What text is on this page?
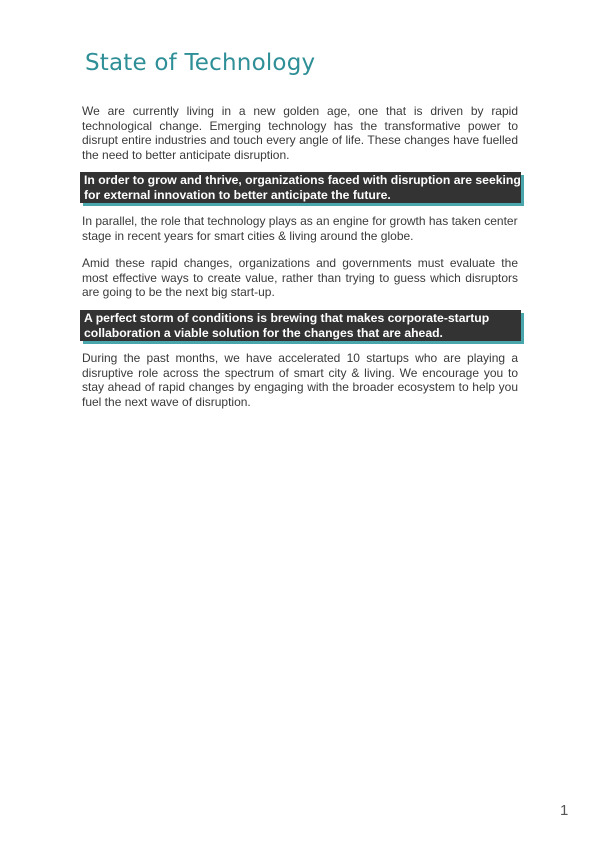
State of Technology

We are currently living in a new golden age, one that is driven by rapid technological change. Emerging technology has the transformative power to disrupt entire industries and touch every angle of life. These changes have fuelled the need to better anticipate disruption.

In order to grow and thrive, organizations faced with disruption are seeking for external innovation to better anticipate the future.

In parallel, the role that technology plays as an engine for growth has taken center stage in recent years for smart cities & living around the globe.

Amid these rapid changes, organizations and governments must evaluate the most effective ways to create value, rather than trying to guess which disruptors are going to be the next big start-up.

A perfect storm of conditions is brewing that makes corporate-startup collaboration a viable solution for the changes that are ahead.

During the past months, we have accelerated 10 startups who are playing a disruptive role across the spectrum of smart city & living. We encourage you to stay ahead of rapid changes by engaging with the broader ecosystem to help you fuel the next wave of disruption.

1
